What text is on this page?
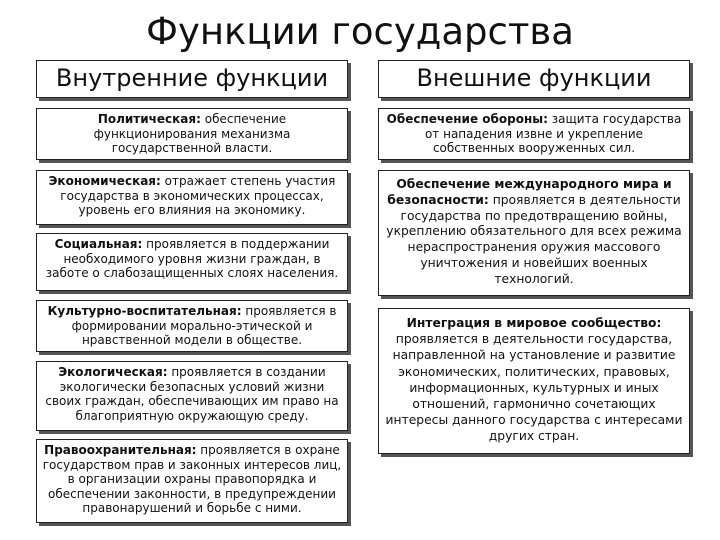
Функции государства
Внутренние функции
Политическая: обеспечение функционирования механизма государственной власти.
Экономическая: отражает степень участия государства в экономических процессах, уровень его влияния на экономику.
Социальная: проявляется в поддержании необходимого уровня жизни граждан, в заботе о слабозащищенных слоях населения.
Культурно-воспитательная: проявляется в формировании морально-этической и нравственной модели в обществе.
Экологическая: проявляется в создании экологически безопасных условий жизни своих граждан, обеспечивающих им право на благоприятную окружающую среду.
Правоохранительная: проявляется в охране государством прав и законных интересов лиц, в организации охраны правопорядка и обеспечении законности, в предупреждении правонарушений и борьбе с ними.
Внешние функции
Обеспечение обороны: защита государства от нападения извне и укрепление собственных вооруженных сил.
Обеспечение международного мира и безопасности: проявляется в деятельности государства по предотвращению войны, укреплению обязательного для всех режима нераспространения оружия массового уничтожения и новейших военных технологий.
Интеграция в мировое сообщество: проявляется в деятельности государства, направленной на установление и развитие экономических, политических, правовых, информационных, культурных и иных отношений, гармонично сочетающих интересы данного государства с интересами других стран.
